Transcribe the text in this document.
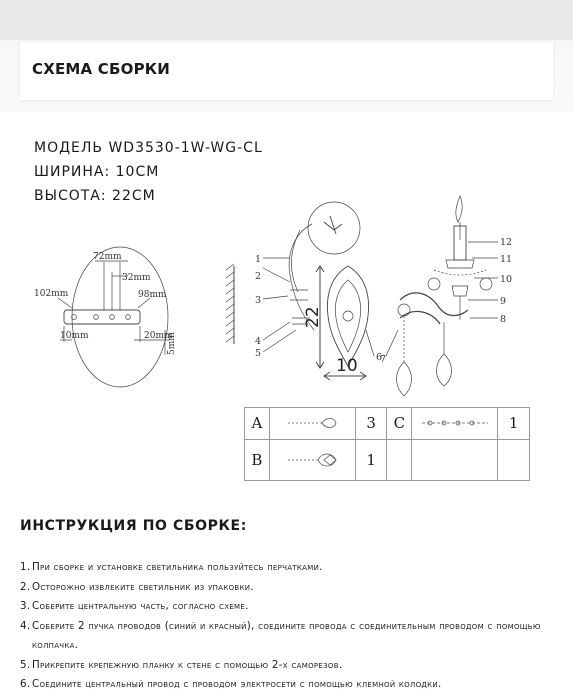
СХЕМА СБОРКИ
МОДЕЛЬ WD3530-1W-WG-CL
ШИРИНА: 10СМ
ВЫСОТА: 22СМ
72mm
32mm
102mm	98mm
10mm	20mm
5mm
22
10
1
2
3
4
5	6
12
11
10
9
8
7
A		3	C		1
B		1			
ИНСТРУКЦИЯ ПО СБОРКЕ:
1. При сборке и установке светильника пользуйтесь перчатками.
2. Осторожно извлеките светильник из упаковки.
3. Соберите центральную часть, согласно схеме.
4. Соберите 2 пучка проводов (синий и красный), соедините провода с соединительным проводом с помощью колпачка.
5. Прикрепите крепежную планку к стене с помощью 2-х саморезов.
6. Соедините центральный провод с проводом электросети с помощью клемной колодки.
